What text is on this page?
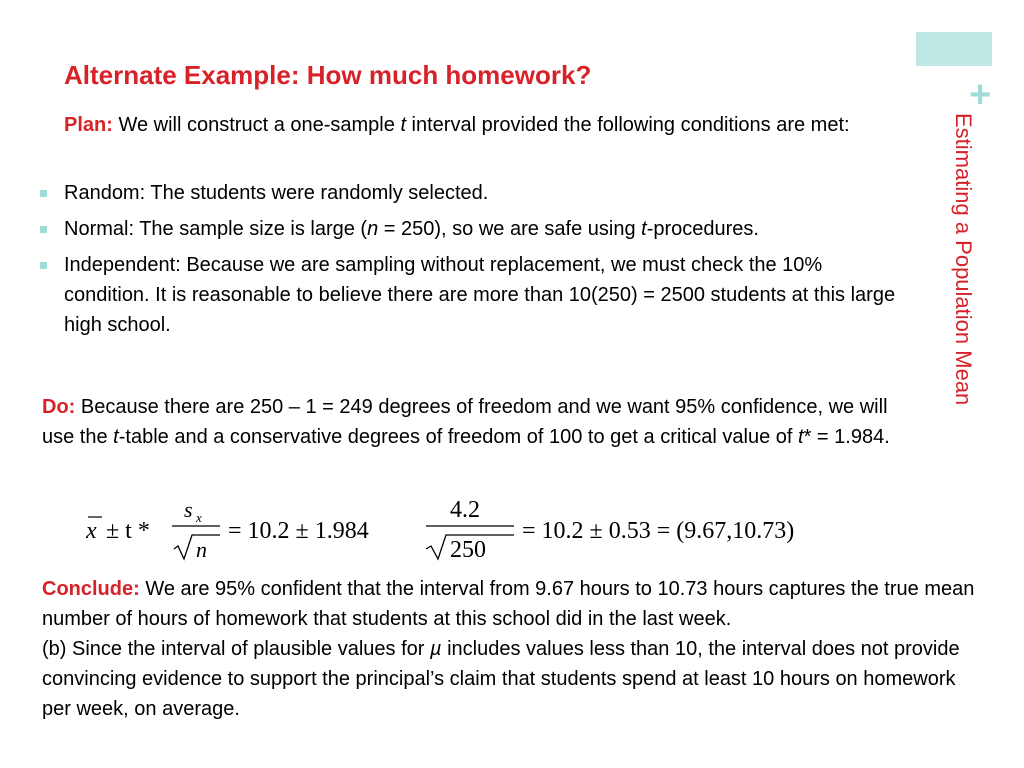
+
Estimating a Population Mean
Alternate Example: How much homework?
Plan: We will construct a one-sample t interval provided the following conditions are met:
Random: The students were randomly selected.
Normal: The sample size is large (n = 250), so we are safe using t-procedures.
Independent: Because we are sampling without replacement, we must check the 10% condition. It is reasonable to believe there are more than 10(250) = 2500 students at this large high school.
Do: Because there are 250 – 1 = 249 degrees of freedom and we want 95% confidence, we will use the t-table and a conservative degrees of freedom of 100 to get a critical value of t* = 1.984.
x ± t *
s x
n
= 10.2 ± 1.984
4.2
250
= 10.2 ± 0.53 = (9.67,10.73)
Conclude: We are 95% confident that the interval from 9.67 hours to 10.73 hours captures the true mean number of hours of homework that students at this school did in the last week.
(b) Since the interval of plausible values for µ includes values less than 10, the interval does not provide convincing evidence to support the principal’s claim that students spend at least 10 hours on homework per week, on average.
